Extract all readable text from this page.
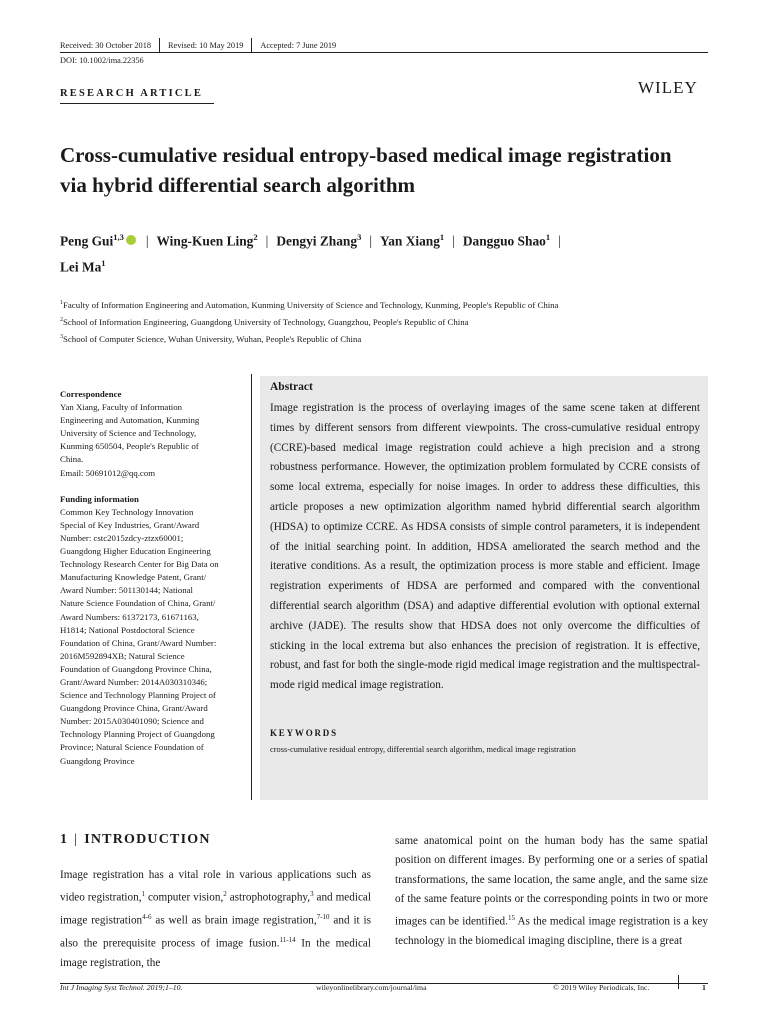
Received: 30 October 2018	Revised: 10 May 2019	Accepted: 7 June 2019
DOI: 10.1002/ima.22356
RESEARCH ARTICLE	WILEY
Cross-cumulative residual entropy-based medical image registration via hybrid differential search algorithm
Peng Gui$^{1,3}$ | Wing-Kuen Ling$^2$ | Dengyi Zhang$^3$ | Yan Xiang$^1$ | Dangguo Shao$^1$ |
Lei Ma$^1$
$^1$Faculty of Information Engineering and Automation, Kunming University of Science and Technology, Kunming, People's Republic of China
$^2$School of Information Engineering, Guangdong University of Technology, Guangzhou, People's Republic of China
$^3$School of Computer Science, Wuhan University, Wuhan, People's Republic of China
Correspondence
Yan Xiang, Faculty of Information
Engineering and Automation, Kunming
University of Science and Technology,
Kunming 650504, People's Republic of
China.
Email: 50691012@qq.com
Funding information
Common Key Technology Innovation
Special of Key Industries, Grant/Award
Number: cstc2015zdcy-ztzx60001;
Guangdong Higher Education Engineering
Technology Research Center for Big Data on
Manufacturing Knowledge Patent, Grant/
Award Number: 501130144; National
Nature Science Foundation of China, Grant/
Award Numbers: 61372173, 61671163,
H1814; National Postdoctoral Science
Foundation of China, Grant/Award Number:
2016M592894XB; Natural Science
Foundation of Guangdong Province China,
Grant/Award Number: 2014A030310346;
Science and Technology Planning Project of
Guangdong Province China, Grant/Award
Number: 2015A030401090; Science and
Technology Planning Project of Guangdong
Province; Natural Science Foundation of
Guangdong Province
Abstract

Image registration is the process of overlaying images of the same scene taken at different times by different sensors from different viewpoints. The cross-cumulative residual entropy (CCRE)-based medical image registration could achieve a high precision and a strong robustness performance. However, the optimization problem formulated by CCRE consists of some local extrema, especially for noise images. In order to address these difficulties, this article proposes a new optimization algorithm named hybrid differential search algorithm (HDSA) to optimize CCRE. As HDSA consists of simple control parameters, it is independent of the initial searching point. In addition, HDSA ameliorated the search method and the iterative conditions. As a result, the optimization process is more stable and efficient. Image registration experiments of HDSA are performed and compared with the conventional differential search algorithm (DSA) and adaptive differential evolution with optional external archive (JADE). The results show that HDSA does not only overcome the difficulties of sticking in the local extrema but also enhances the precision of registration. It is effective, robust, and fast for both the single-mode rigid medical image registration and the multispectral-mode rigid medical image registration.

KEYWORDS
cross-cumulative residual entropy, differential search algorithm, medical image registration
1 | INTRODUCTION

Image registration has a vital role in various applications such as video registration,$^1$ computer vision,$^2$ astrophotography,$^3$ and medical image registration$^{4-6}$ as well as brain image registration,$^{7-10}$ and it is also the prerequisite process of image fusion.$^{11-14}$ In the medical image registration, the

same anatomical point on the human body has the same spatial position on different images. By performing one or a series of spatial transformations, the same location, the same angle, and the same size of the same feature points or the corresponding points in two or more images can be identified.$^{15}$ As the medical image registration is a key technology in the biomedical imaging discipline, there is a great

Int J Imaging Syst Technol. 2019;1–10.	wileyonlinelibrary.com/journal/ima	© 2019 Wiley Periodicals, Inc.	1
